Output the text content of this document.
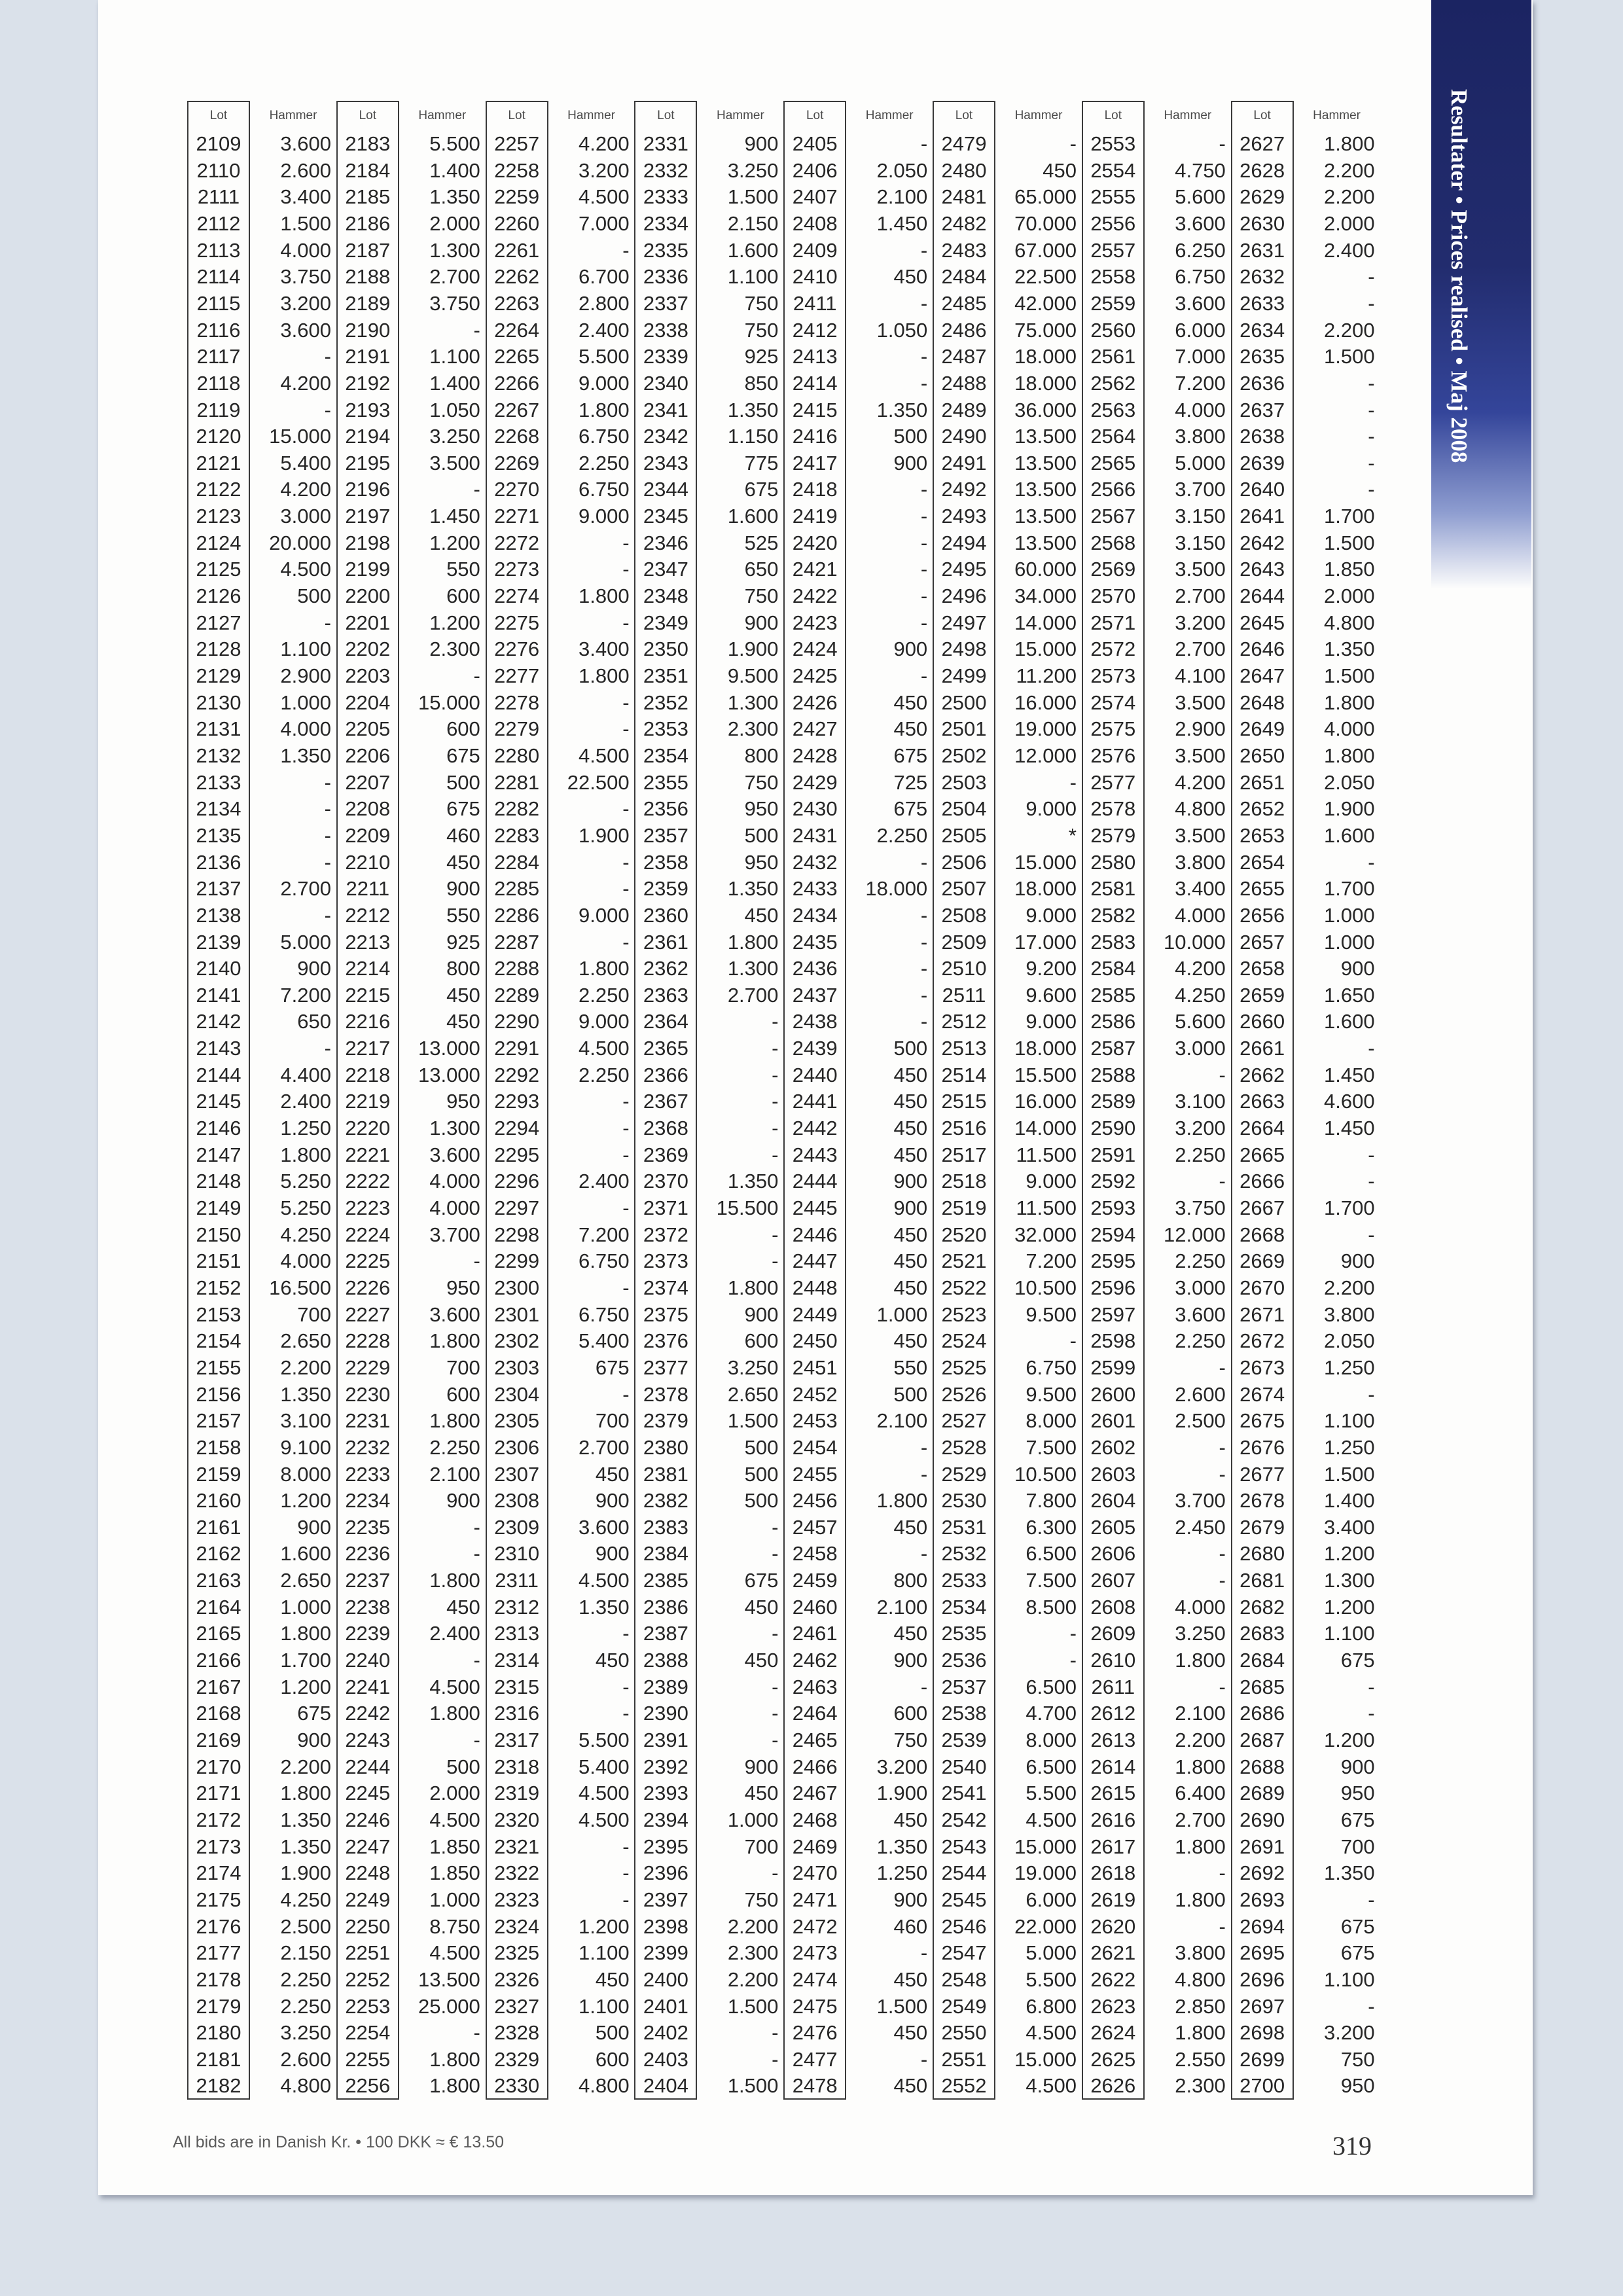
Resultater • Prices realised • Maj 2008
Lot
2109
2110
2111
2112
2113
2114
2115
2116
2117
2118
2119
2120
2121
2122
2123
2124
2125
2126
2127
2128
2129
2130
2131
2132
2133
2134
2135
2136
2137
2138
2139
2140
2141
2142
2143
2144
2145
2146
2147
2148
2149
2150
2151
2152
2153
2154
2155
2156
2157
2158
2159
2160
2161
2162
2163
2164
2165
2166
2167
2168
2169
2170
2171
2172
2173
2174
2175
2176
2177
2178
2179
2180
2181
2182
Hammer
3.600
2.600
3.400
1.500
4.000
3.750
3.200
3.600
-
4.200
-
15.000
5.400
4.200
3.000
20.000
4.500
500
-
1.100
2.900
1.000
4.000
1.350
-
-
-
-
2.700
-
5.000
900
7.200
650
-
4.400
2.400
1.250
1.800
5.250
5.250
4.250
4.000
16.500
700
2.650
2.200
1.350
3.100
9.100
8.000
1.200
900
1.600
2.650
1.000
1.800
1.700
1.200
675
900
2.200
1.800
1.350
1.350
1.900
4.250
2.500
2.150
2.250
2.250
3.250
2.600
4.800
Lot
2183
2184
2185
2186
2187
2188
2189
2190
2191
2192
2193
2194
2195
2196
2197
2198
2199
2200
2201
2202
2203
2204
2205
2206
2207
2208
2209
2210
2211
2212
2213
2214
2215
2216
2217
2218
2219
2220
2221
2222
2223
2224
2225
2226
2227
2228
2229
2230
2231
2232
2233
2234
2235
2236
2237
2238
2239
2240
2241
2242
2243
2244
2245
2246
2247
2248
2249
2250
2251
2252
2253
2254
2255
2256
Hammer
5.500
1.400
1.350
2.000
1.300
2.700
3.750
-
1.100
1.400
1.050
3.250
3.500
-
1.450
1.200
550
600
1.200
2.300
-
15.000
600
675
500
675
460
450
900
550
925
800
450
450
13.000
13.000
950
1.300
3.600
4.000
4.000
3.700
-
950
3.600
1.800
700
600
1.800
2.250
2.100
900
-
-
1.800
450
2.400
-
4.500
1.800
-
500
2.000
4.500
1.850
1.850
1.000
8.750
4.500
13.500
25.000
-
1.800
1.800
Lot
2257
2258
2259
2260
2261
2262
2263
2264
2265
2266
2267
2268
2269
2270
2271
2272
2273
2274
2275
2276
2277
2278
2279
2280
2281
2282
2283
2284
2285
2286
2287
2288
2289
2290
2291
2292
2293
2294
2295
2296
2297
2298
2299
2300
2301
2302
2303
2304
2305
2306
2307
2308
2309
2310
2311
2312
2313
2314
2315
2316
2317
2318
2319
2320
2321
2322
2323
2324
2325
2326
2327
2328
2329
2330
Hammer
4.200
3.200
4.500
7.000
-
6.700
2.800
2.400
5.500
9.000
1.800
6.750
2.250
6.750
9.000
-
-
1.800
-
3.400
1.800
-
-
4.500
22.500
-
1.900
-
-
9.000
-
1.800
2.250
9.000
4.500
2.250
-
-
-
2.400
-
7.200
6.750
-
6.750
5.400
675
-
700
2.700
450
900
3.600
900
4.500
1.350
-
450
-
-
5.500
5.400
4.500
4.500
-
-
-
1.200
1.100
450
1.100
500
600
4.800
Lot
2331
2332
2333
2334
2335
2336
2337
2338
2339
2340
2341
2342
2343
2344
2345
2346
2347
2348
2349
2350
2351
2352
2353
2354
2355
2356
2357
2358
2359
2360
2361
2362
2363
2364
2365
2366
2367
2368
2369
2370
2371
2372
2373
2374
2375
2376
2377
2378
2379
2380
2381
2382
2383
2384
2385
2386
2387
2388
2389
2390
2391
2392
2393
2394
2395
2396
2397
2398
2399
2400
2401
2402
2403
2404
Hammer
900
3.250
1.500
2.150
1.600
1.100
750
750
925
850
1.350
1.150
775
675
1.600
525
650
750
900
1.900
9.500
1.300
2.300
800
750
950
500
950
1.350
450
1.800
1.300
2.700
-
-
-
-
-
-
1.350
15.500
-
-
1.800
900
600
3.250
2.650
1.500
500
500
500
-
-
675
450
-
450
-
-
-
900
450
1.000
700
-
750
2.200
2.300
2.200
1.500
-
-
1.500
Lot
2405
2406
2407
2408
2409
2410
2411
2412
2413
2414
2415
2416
2417
2418
2419
2420
2421
2422
2423
2424
2425
2426
2427
2428
2429
2430
2431
2432
2433
2434
2435
2436
2437
2438
2439
2440
2441
2442
2443
2444
2445
2446
2447
2448
2449
2450
2451
2452
2453
2454
2455
2456
2457
2458
2459
2460
2461
2462
2463
2464
2465
2466
2467
2468
2469
2470
2471
2472
2473
2474
2475
2476
2477
2478
Hammer
-
2.050
2.100
1.450
-
450
-
1.050
-
-
1.350
500
900
-
-
-
-
-
-
900
-
450
450
675
725
675
2.250
-
18.000
-
-
-
-
-
500
450
450
450
450
900
900
450
450
450
1.000
450
550
500
2.100
-
-
1.800
450
-
800
2.100
450
900
-
600
750
3.200
1.900
450
1.350
1.250
900
460
-
450
1.500
450
-
450
Lot
2479
2480
2481
2482
2483
2484
2485
2486
2487
2488
2489
2490
2491
2492
2493
2494
2495
2496
2497
2498
2499
2500
2501
2502
2503
2504
2505
2506
2507
2508
2509
2510
2511
2512
2513
2514
2515
2516
2517
2518
2519
2520
2521
2522
2523
2524
2525
2526
2527
2528
2529
2530
2531
2532
2533
2534
2535
2536
2537
2538
2539
2540
2541
2542
2543
2544
2545
2546
2547
2548
2549
2550
2551
2552
Hammer
-
450
65.000
70.000
67.000
22.500
42.000
75.000
18.000
18.000
36.000
13.500
13.500
13.500
13.500
13.500
60.000
34.000
14.000
15.000
11.200
16.000
19.000
12.000
-
9.000
*
15.000
18.000
9.000
17.000
9.200
9.600
9.000
18.000
15.500
16.000
14.000
11.500
9.000
11.500
32.000
7.200
10.500
9.500
-
6.750
9.500
8.000
7.500
10.500
7.800
6.300
6.500
7.500
8.500
-
-
6.500
4.700
8.000
6.500
5.500
4.500
15.000
19.000
6.000
22.000
5.000
5.500
6.800
4.500
15.000
4.500
Lot
2553
2554
2555
2556
2557
2558
2559
2560
2561
2562
2563
2564
2565
2566
2567
2568
2569
2570
2571
2572
2573
2574
2575
2576
2577
2578
2579
2580
2581
2582
2583
2584
2585
2586
2587
2588
2589
2590
2591
2592
2593
2594
2595
2596
2597
2598
2599
2600
2601
2602
2603
2604
2605
2606
2607
2608
2609
2610
2611
2612
2613
2614
2615
2616
2617
2618
2619
2620
2621
2622
2623
2624
2625
2626
Hammer
-
4.750
5.600
3.600
6.250
6.750
3.600
6.000
7.000
7.200
4.000
3.800
5.000
3.700
3.150
3.150
3.500
2.700
3.200
2.700
4.100
3.500
2.900
3.500
4.200
4.800
3.500
3.800
3.400
4.000
10.000
4.200
4.250
5.600
3.000
-
3.100
3.200
2.250
-
3.750
12.000
2.250
3.000
3.600
2.250
-
2.600
2.500
-
-
3.700
2.450
-
-
4.000
3.250
1.800
-
2.100
2.200
1.800
6.400
2.700
1.800
-
1.800
-
3.800
4.800
2.850
1.800
2.550
2.300
Lot
2627
2628
2629
2630
2631
2632
2633
2634
2635
2636
2637
2638
2639
2640
2641
2642
2643
2644
2645
2646
2647
2648
2649
2650
2651
2652
2653
2654
2655
2656
2657
2658
2659
2660
2661
2662
2663
2664
2665
2666
2667
2668
2669
2670
2671
2672
2673
2674
2675
2676
2677
2678
2679
2680
2681
2682
2683
2684
2685
2686
2687
2688
2689
2690
2691
2692
2693
2694
2695
2696
2697
2698
2699
2700
Hammer
1.800
2.200
2.200
2.000
2.400
-
-
2.200
1.500
-
-
-
-
-
1.700
1.500
1.850
2.000
4.800
1.350
1.500
1.800
4.000
1.800
2.050
1.900
1.600
-
1.700
1.000
1.000
900
1.650
1.600
-
1.450
4.600
1.450
-
-
1.700
-
900
2.200
3.800
2.050
1.250
-
1.100
1.250
1.500
1.400
3.400
1.200
1.300
1.200
1.100
675
-
-
1.200
900
950
675
700
1.350
-
675
675
1.100
-
3.200
750
950
All bids are in Danish Kr. • 100 DKK ≈ € 13.50	319
